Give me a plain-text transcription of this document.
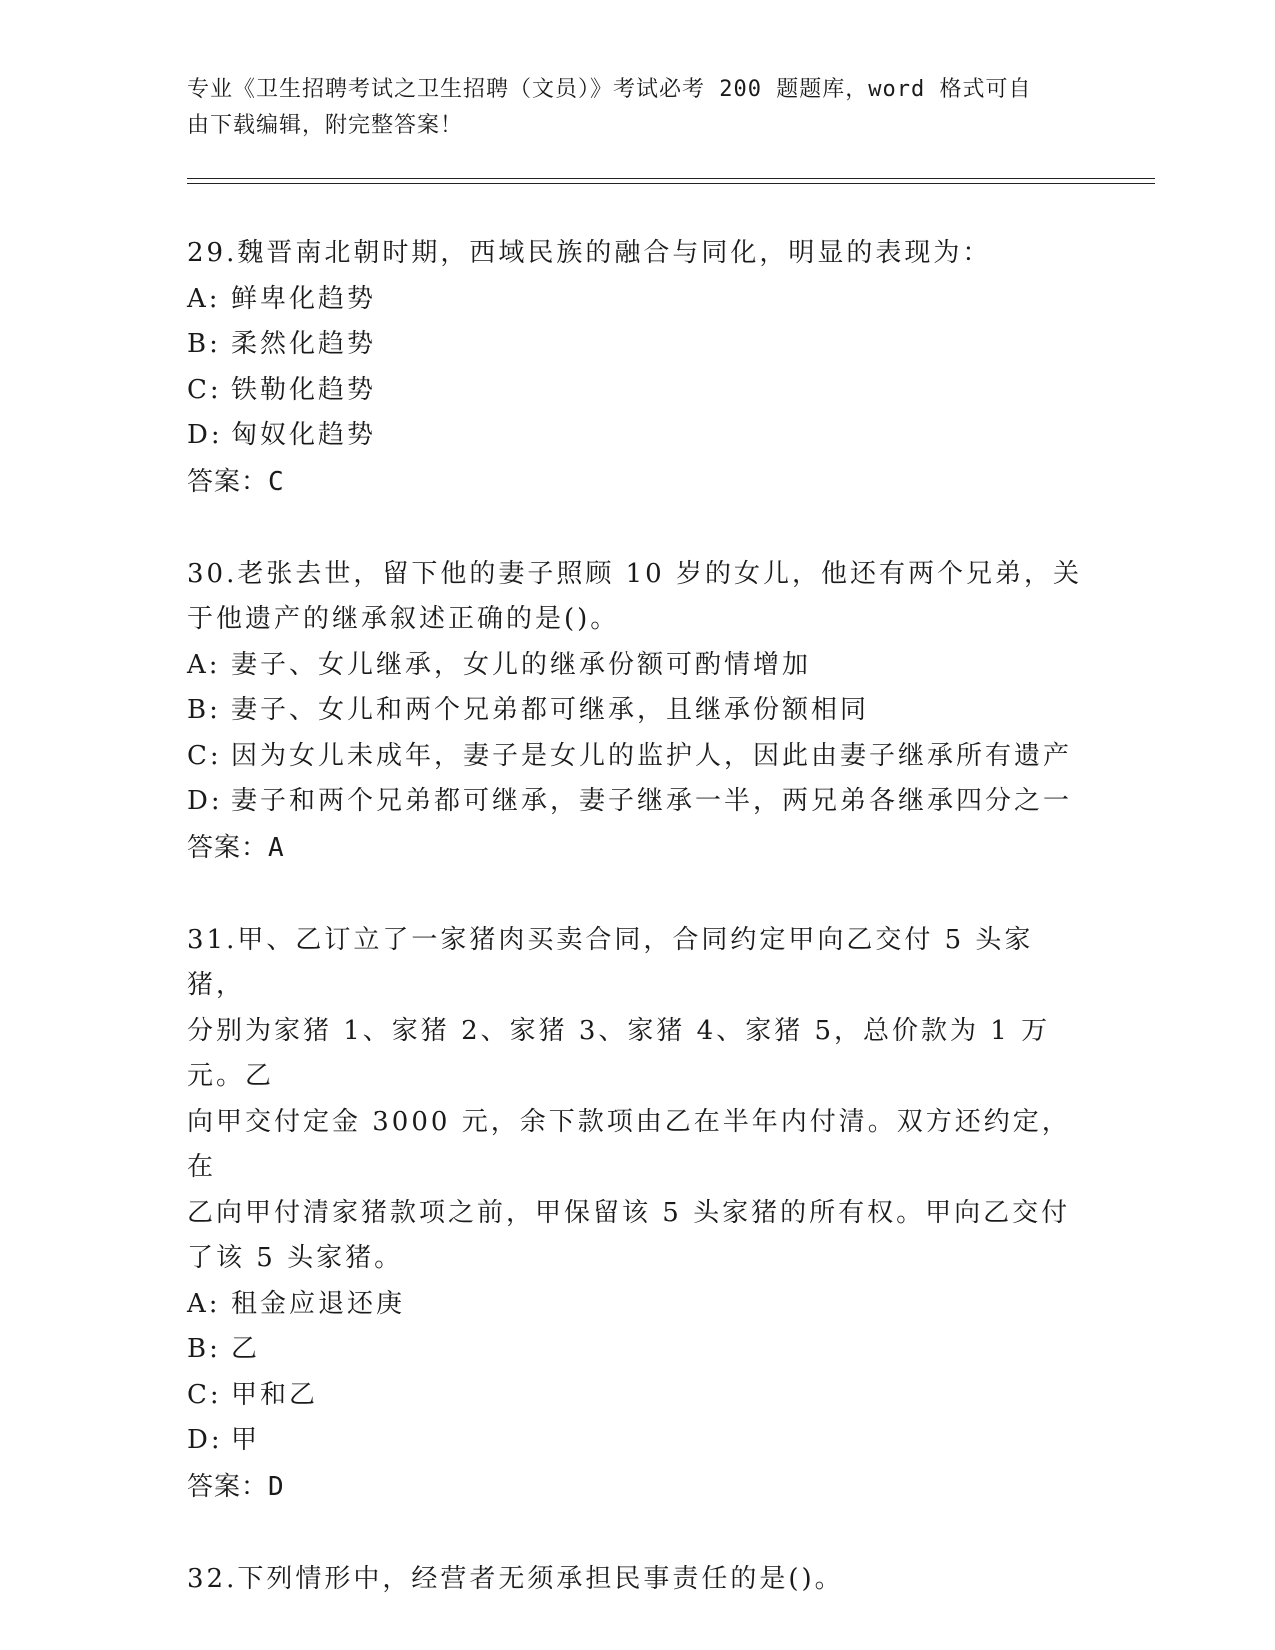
专业《卫生招聘考试之卫生招聘（文员）》考试必考 200 题题库，word 格式可自
由下载编辑，附完整答案！
29.魏晋南北朝时期，西域民族的融合与同化，明显的表现为：
A: 鲜卑化趋势
B: 柔然化趋势
C: 铁勒化趋势
D: 匈奴化趋势
答案：C
30.老张去世，留下他的妻子照顾 10 岁的女儿，他还有两个兄弟，关
于他遗产的继承叙述正确的是()。
A: 妻子、女儿继承，女儿的继承份额可酌情增加
B: 妻子、女儿和两个兄弟都可继承，且继承份额相同
C: 因为女儿未成年，妻子是女儿的监护人，因此由妻子继承所有遗产
D: 妻子和两个兄弟都可继承，妻子继承一半，两兄弟各继承四分之一
答案：A
31.甲、乙订立了一家猪肉买卖合同，合同约定甲向乙交付 5 头家猪，
分别为家猪 1、家猪 2、家猪 3、家猪 4、家猪 5，总价款为 1 万元。乙
向甲交付定金 3000 元，余下款项由乙在半年内付清。双方还约定，在
乙向甲付清家猪款项之前，甲保留该 5 头家猪的所有权。甲向乙交付
了该 5 头家猪。
A: 租金应退还庚
B: 乙
C: 甲和乙
D: 甲
答案：D
32.下列情形中，经营者无须承担民事责任的是()。
